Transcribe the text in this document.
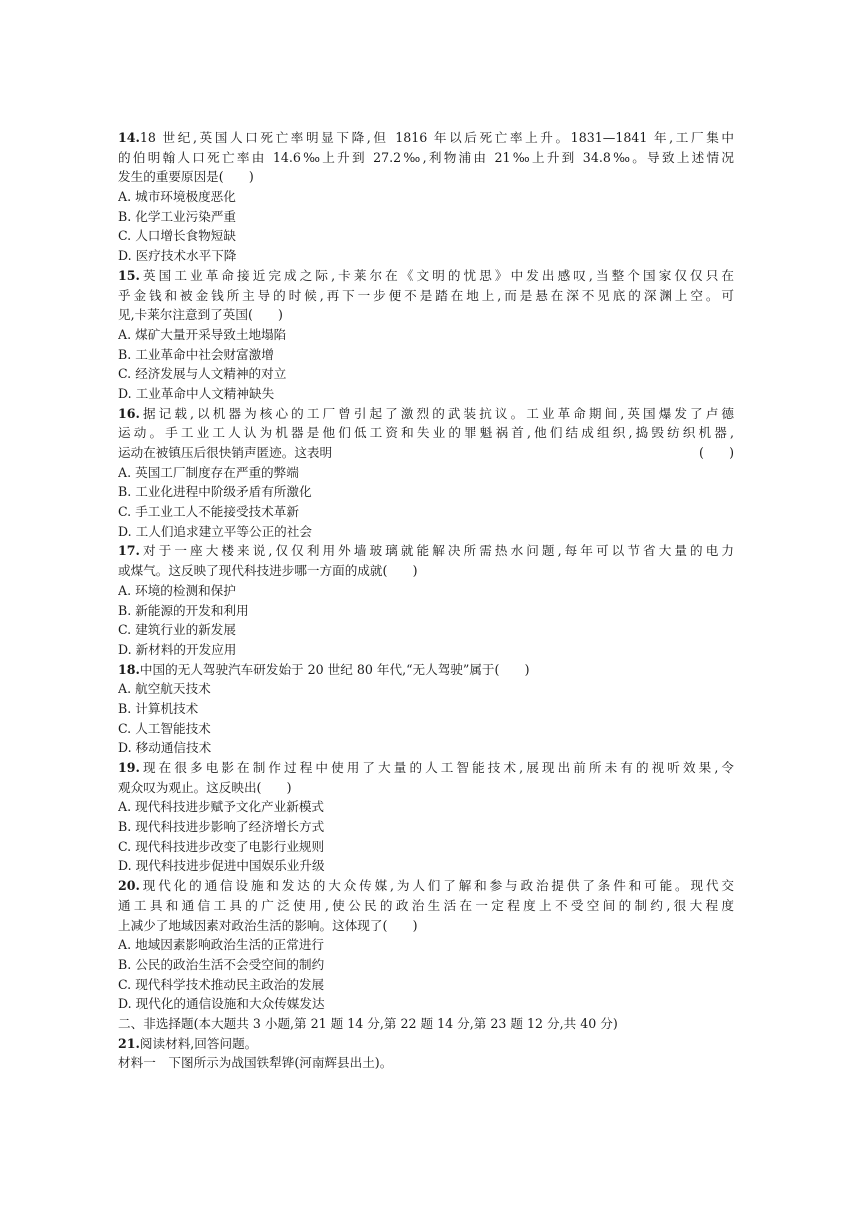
14.18 世纪,英国人口死亡率明显下降,但 1816 年以后死亡率上升。1831—1841 年,工厂集中
的伯明翰人口死亡率由 14.6‰上升到 27.2‰,利物浦由 21‰上升到 34.8‰。导致上述情况
发生的重要原因是(　　)
A. 城市环境极度恶化
B. 化学工业污染严重
C. 人口增长食物短缺
D. 医疗技术水平下降
15.英国工业革命接近完成之际,卡莱尔在《文明的忧思》中发出感叹,当整个国家仅仅只在
乎金钱和被金钱所主导的时候,再下一步便不是踏在地上,而是悬在深不见底的深渊上空。可
见,卡莱尔注意到了英国(　　)
A. 煤矿大量开采导致土地塌陷
B. 工业革命中社会财富激增
C. 经济发展与人文精神的对立
D. 工业革命中人文精神缺失
16.据记载,以机器为核心的工厂曾引起了激烈的武装抗议。工业革命期间,英国爆发了卢德
运动。手工业工人认为机器是他们低工资和失业的罪魁祸首,他们结成组织,捣毁纺织机器,
运动在被镇压后很快销声匿迹。这表明	(　　)
A. 英国工厂制度存在严重的弊端
B. 工业化进程中阶级矛盾有所激化
C. 手工业工人不能接受技术革新
D. 工人们追求建立平等公正的社会
17.对于一座大楼来说,仅仅利用外墙玻璃就能解决所需热水问题,每年可以节省大量的电力
或煤气。这反映了现代科技进步哪一方面的成就(　　)
A. 环境的检测和保护
B. 新能源的开发和利用
C. 建筑行业的新发展
D. 新材料的开发应用
18.中国的无人驾驶汽车研发始于 20 世纪 80 年代,“无人驾驶”属于(　　)
A. 航空航天技术
B. 计算机技术
C. 人工智能技术
D. 移动通信技术
19.现在很多电影在制作过程中使用了大量的人工智能技术,展现出前所未有的视听效果,令
观众叹为观止。这反映出(　　)
A. 现代科技进步赋予文化产业新模式
B. 现代科技进步影响了经济增长方式
C. 现代科技进步改变了电影行业规则
D. 现代科技进步促进中国娱乐业升级
20.现代化的通信设施和发达的大众传媒,为人们了解和参与政治提供了条件和可能。现代交
通工具和通信工具的广泛使用,使公民的政治生活在一定程度上不受空间的制约,很大程度
上减少了地域因素对政治生活的影响。这体现了(　　)
A. 地域因素影响政治生活的正常进行
B. 公民的政治生活不会受空间的制约
C. 现代科学技术推动民主政治的发展
D. 现代化的通信设施和大众传媒发达
二、非选择题(本大题共 3 小题,第 21 题 14 分,第 22 题 14 分,第 23 题 12 分,共 40 分)
21.阅读材料,回答问题。
材料一　下图所示为战国铁犁铧(河南辉县出土)。
